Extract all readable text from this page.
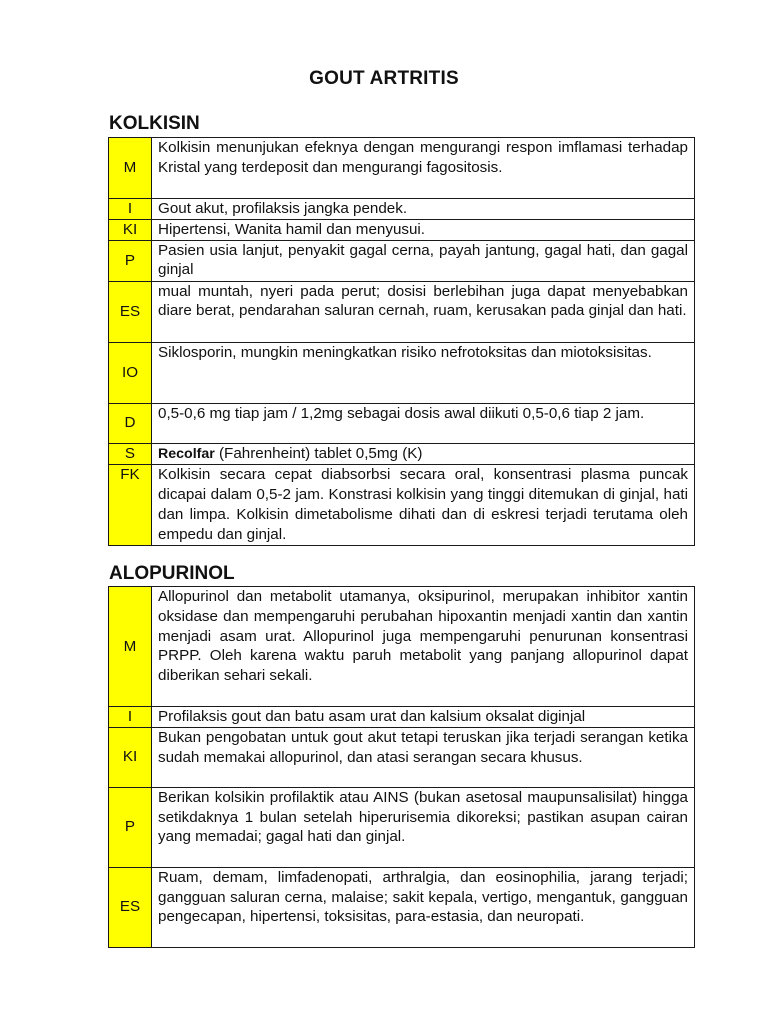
GOUT ARTRITIS
KOLKISIN
M	Kolkisin menunjukan efeknya dengan mengurangi respon imflamasi terhadap Kristal yang terdeposit dan mengurangi fagositosis.
I	Gout akut, profilaksis jangka pendek.
KI	Hipertensi, Wanita hamil dan menyusui.
P	Pasien usia lanjut, penyakit gagal cerna, payah jantung, gagal hati, dan gagal ginjal
ES	mual muntah, nyeri pada perut; dosisi berlebihan juga dapat menyebabkan diare berat, pendarahan saluran cernah, ruam, kerusakan pada ginjal dan hati.
IO	Siklosporin, mungkin meningkatkan risiko nefrotoksitas dan miotoksisitas.
D	0,5-0,6 mg tiap jam / 1,2mg sebagai dosis awal diikuti 0,5-0,6 tiap 2 jam.
S	Recolfar (Fahrenheint) tablet 0,5mg (K)
FK	Kolkisin secara cepat diabsorbsi secara oral, konsentrasi plasma puncak dicapai dalam 0,5-2 jam. Konstrasi kolkisin yang tinggi ditemukan di ginjal, hati dan limpa. Kolkisin dimetabolisme dihati dan di eskresi terjadi terutama oleh empedu dan ginjal.
ALOPURINOL
M	Allopurinol dan metabolit utamanya, oksipurinol, merupakan inhibitor xantin oksidase dan mempengaruhi perubahan hipoxantin menjadi xantin dan xantin menjadi asam urat. Allopurinol juga mempengaruhi penurunan konsentrasi PRPP. Oleh karena waktu paruh metabolit yang panjang allopurinol dapat diberikan sehari sekali.
I	Profilaksis gout dan batu asam urat dan kalsium oksalat diginjal
KI	Bukan pengobatan untuk gout akut tetapi teruskan jika terjadi serangan ketika sudah memakai allopurinol, dan atasi serangan secara khusus.
P	Berikan kolsikin profilaktik atau AINS (bukan asetosal maupunsalisilat) hingga setikdaknya 1 bulan setelah hiperurisemia dikoreksi; pastikan asupan cairan yang memadai; gagal hati dan ginjal.
ES	Ruam, demam, limfadenopati, arthralgia, dan eosinophilia, jarang terjadi; gangguan saluran cerna, malaise; sakit kepala, vertigo, mengantuk, gangguan pengecapan, hipertensi, toksisitas, para-estasia, dan neuropati.
